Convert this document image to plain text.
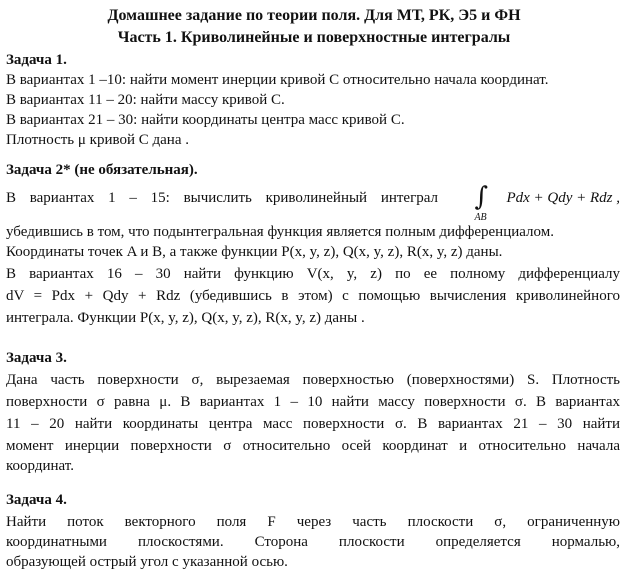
Домашнее задание по теории поля. Для МТ, РК, Э5 и ФН
Часть 1. Криволинейные и поверхностные интегралы
Задача 1.
В вариантах 1 –10: найти момент инерции кривой C относительно начала координат.
В вариантах 11 – 20: найти массу кривой C.
В вариантах 21 – 30: найти координаты центра масс кривой C.
Плотность μ кривой C дана .
Задача 2* (не обязательная).
В вариантах 1 – 15: вычислить криволинейный интеграл ∫
AB
Pdx + Qdy + Rdz ,
убедившись в том, что подынтегральная функция является полным дифференциалом.
Координаты точек A и B, а также функции P(x, y, z), Q(x, y, z), R(x, y, z) даны.
В вариантах 16 – 30 найти функцию V(x, y, z) по ее полному дифференциалу
dV = Pdx + Qdy + Rdz (убедившись в этом) с помощью вычисления криволинейного
интеграла. Функции P(x, y, z), Q(x, y, z), R(x, y, z) даны .
Задача 3.
Дана часть поверхности σ, вырезаемая поверхностью (поверхностями) S. Плотность
поверхности σ равна μ. В вариантах 1 – 10 найти массу поверхности σ. В вариантах
11 – 20 найти координаты центра масс поверхности σ. В вариантах 21 – 30 найти
момент инерции поверхности σ относительно осей координат и относительно начала
координат.
Задача 4.
Найти поток векторного поля F через часть плоскости σ, ограниченную
координатными плоскостями. Сторона плоскости определяется нормалью,
образующей острый угол с указанной осью.
